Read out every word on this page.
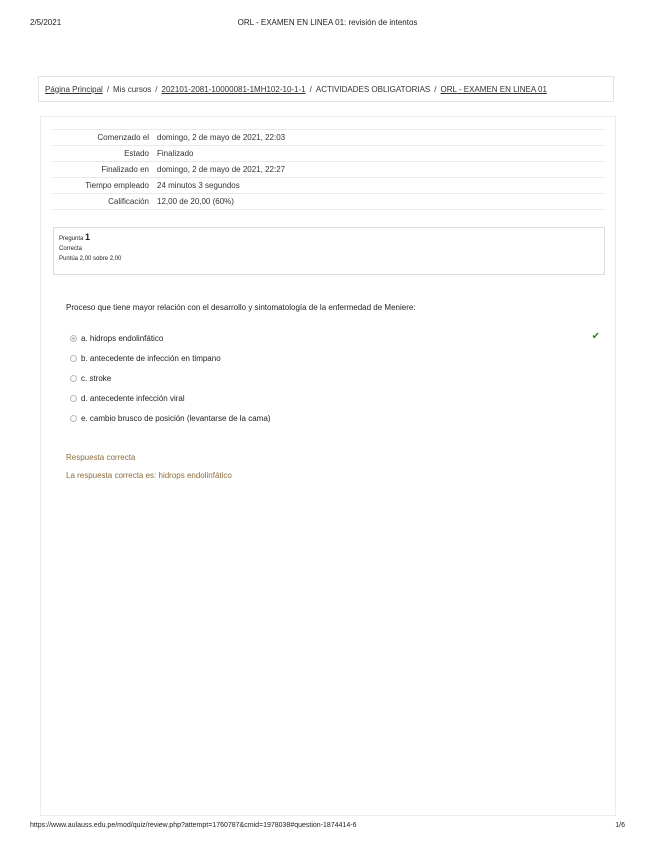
2/5/2021	ORL - EXAMEN EN LINEA 01: revisión de intentos
Página Principal / Mis cursos / 202101-2081-10000081-1MH102-10-1-1 / ACTIVIDADES OBLIGATORIAS / ORL - EXAMEN EN LINEA 01
Comenzado el	domingo, 2 de mayo de 2021, 22:03
Estado	Finalizado
Finalizado en	domingo, 2 de mayo de 2021, 22:27
Tiempo empleado	24 minutos 3 segundos
Calificación	12,00 de 20,00 (60%)
Pregunta 1
Correcta
Puntúa 2,00 sobre 2,00
Proceso que tiene mayor relación con el desarrollo y sintomatología de la enfermedad de Meniere:
a. hidrops endolinfático	✔
b. antecedente de infección en timpano
c. stroke
d. antecedente infección viral
e. cambio brusco de posición (levantarse de la cama)
Respuesta correcta
La respuesta correcta es: hidrops endolinfático
https://www.aulauss.edu.pe/mod/quiz/review.php?attempt=1760787&cmid=1978038#question-1874414-6	1/6
